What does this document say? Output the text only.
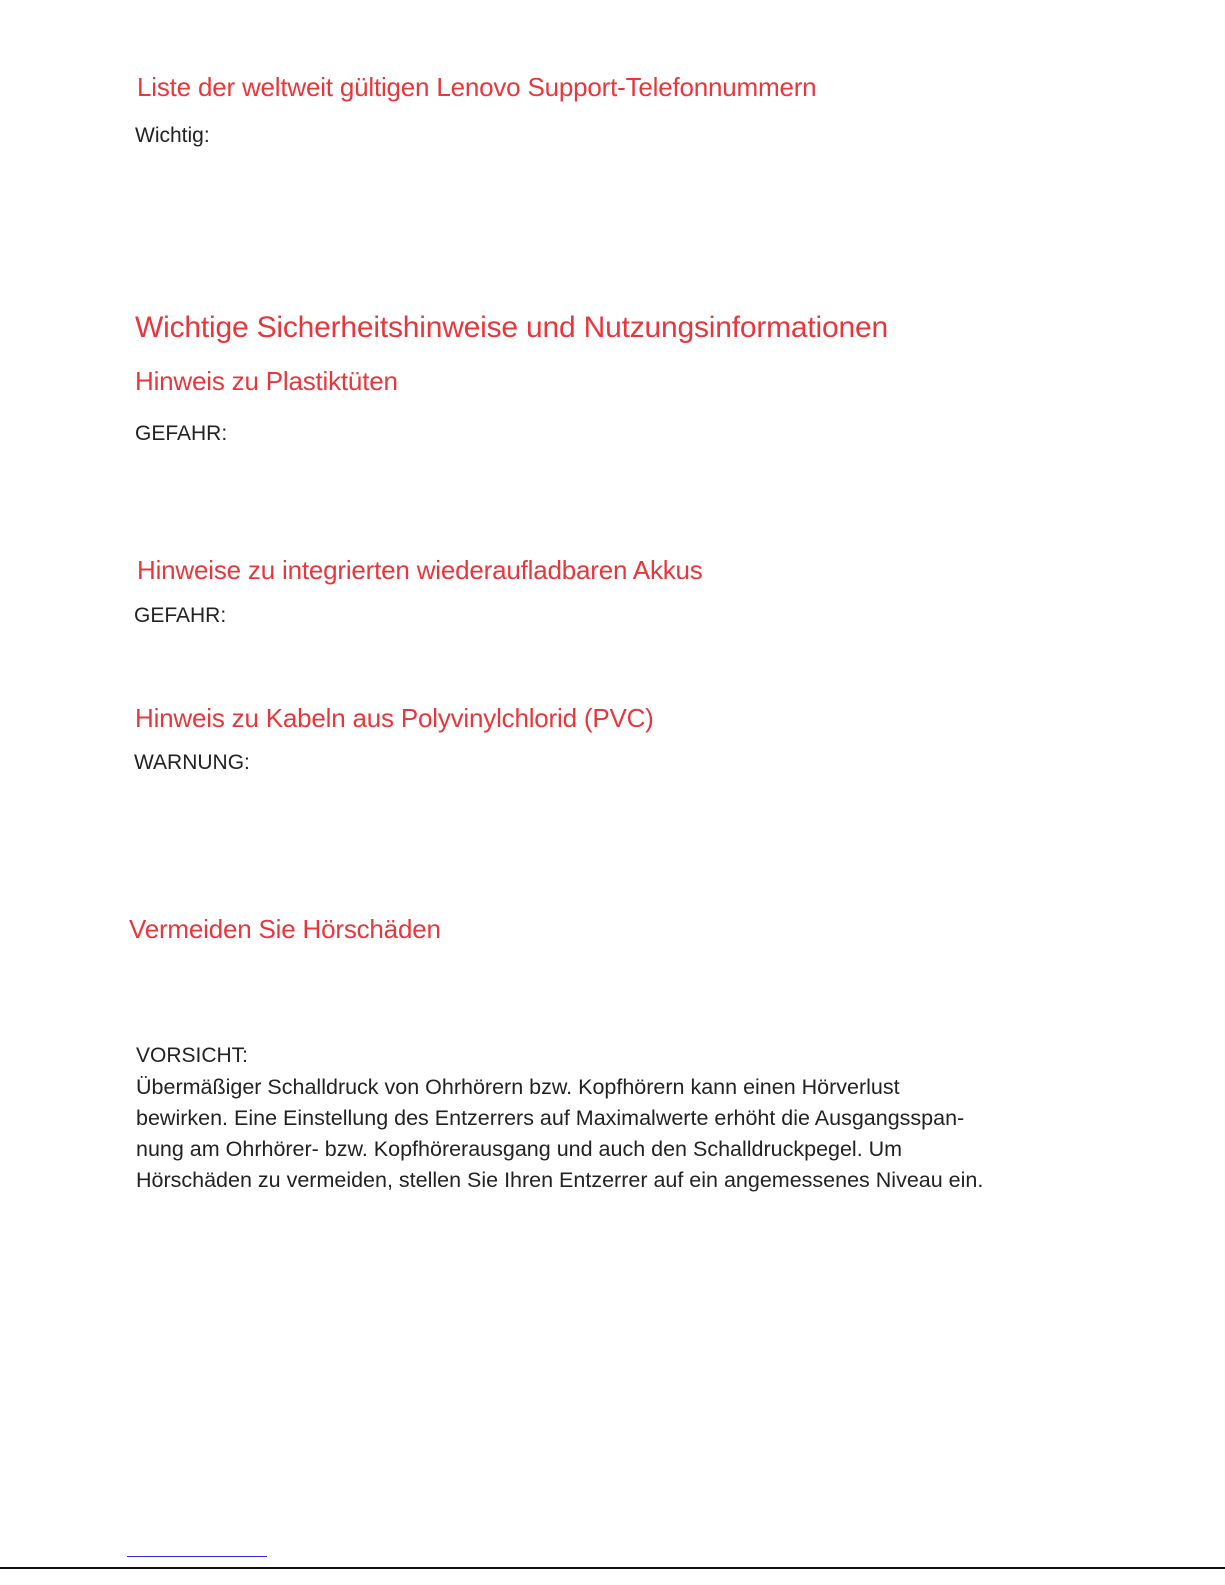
Liste der weltweit gültigen Lenovo Support-Telefonnummern

Wichtig:

Wichtige Sicherheitshinweise und Nutzungsinformationen
Hinweis zu Plastiktüten

GEFAHR:

Hinweise zu integrierten wiederaufladbaren Akkus

GEFAHR:

Hinweis zu Kabeln aus Polyvinylchlorid (PVC)

WARNUNG:

Vermeiden Sie Hörschäden

VORSICHT:

Übermäßiger Schalldruck von Ohrhörern bzw. Kopfhörern kann einen Hörverlust
bewirken. Eine Einstellung des Entzerrers auf Maximalwerte erhöht die Ausgangsspan-
nung am Ohrhörer- bzw. Kopfhörerausgang und auch den Schalldruckpegel. Um
Hörschäden zu vermeiden, stellen Sie Ihren Entzerrer auf ein angemessenes Niveau ein.
